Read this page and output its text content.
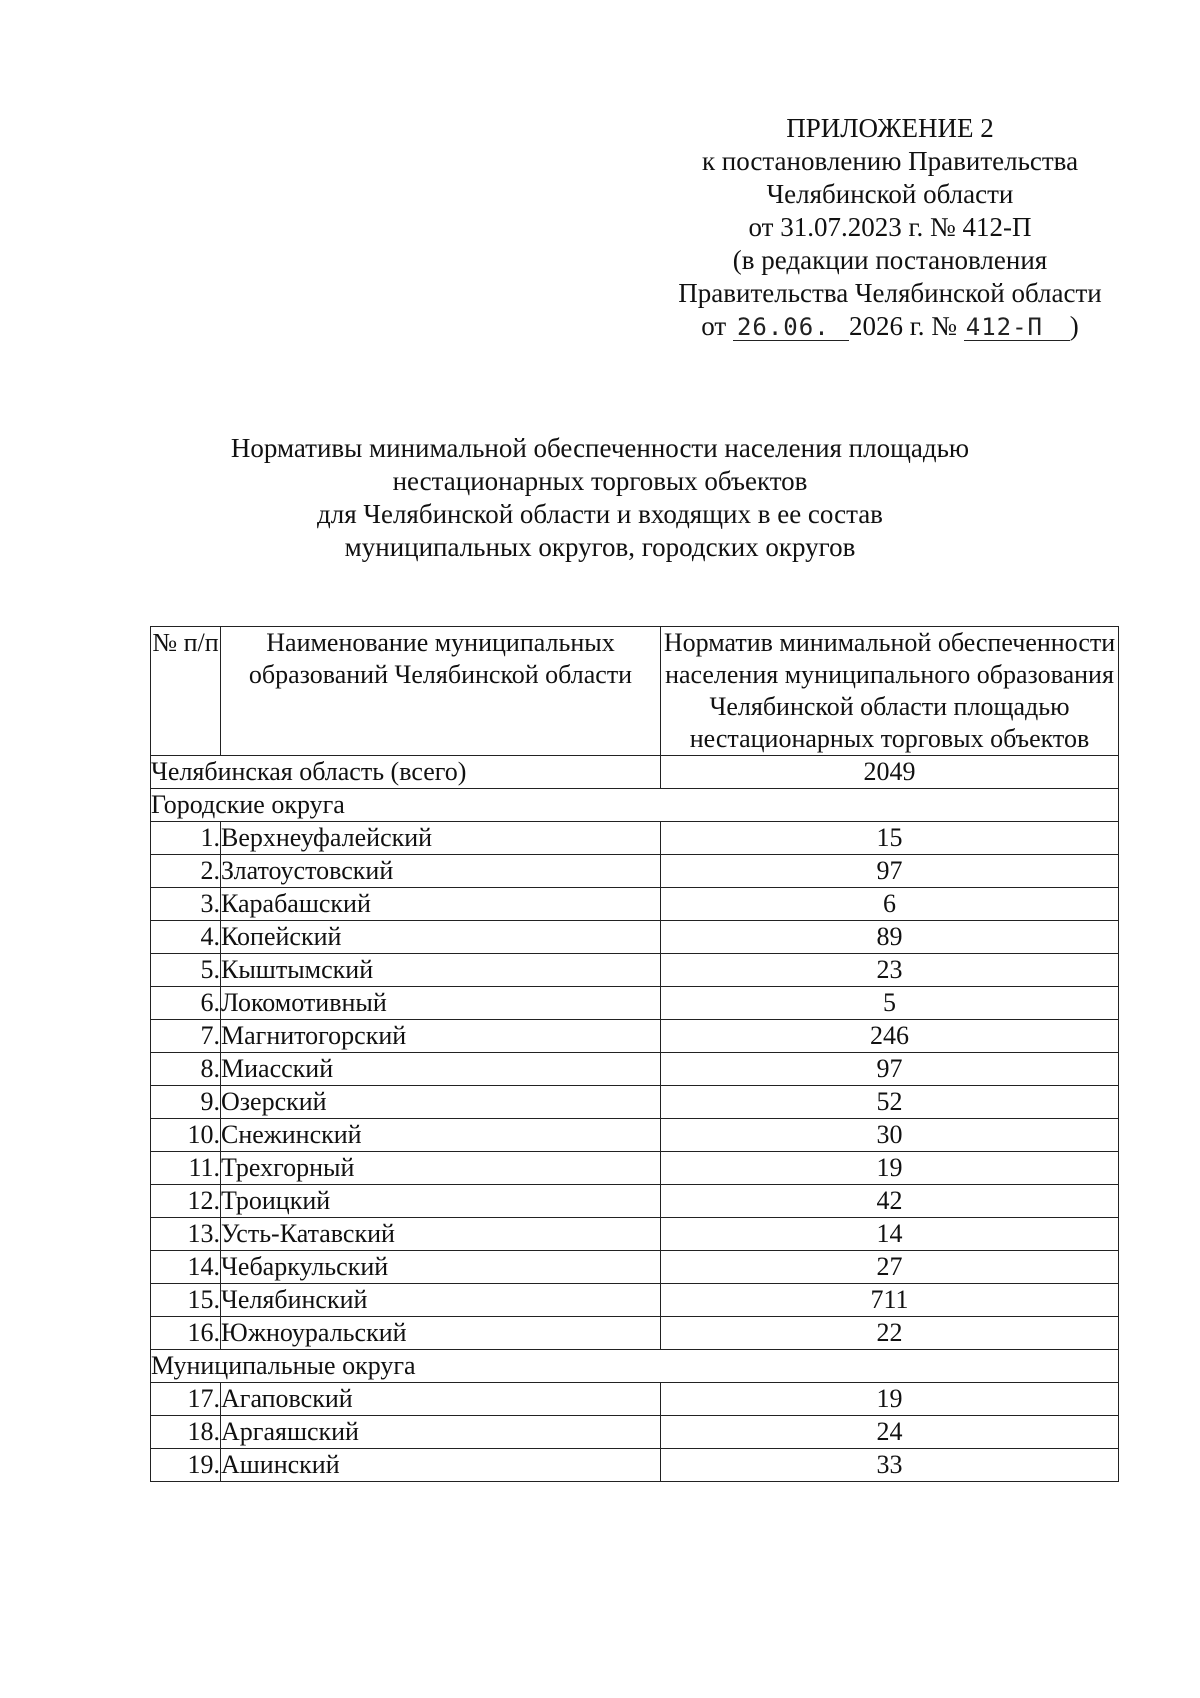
ПРИЛОЖЕНИЕ 2
к постановлению Правительства
Челябинской области
от 31.07.2023 г. № 412-П
(в редакции постановления
Правительства Челябинской области
от 26.06. 2026 г. № 412-П )
Нормативы минимальной обеспеченности населения площадью
нестационарных торговых объектов
для Челябинской области и входящих в ее состав
муниципальных округов, городских округов
№ п/п	Наименование муниципальных образований Челябинской области	Норматив минимальной обеспеченности населения муниципального образования Челябинской области площадью нестационарных торговых объектов
Челябинская область (всего)		2049
Городские округа		
1.	Верхнеуфалейский	15
2.	Златоустовский	97
3.	Карабашский	6
4.	Копейский	89
5.	Кыштымский	23
6.	Локомотивный	5
7.	Магнитогорский	246
8.	Миасский	97
9.	Озерский	52
10.	Снежинский	30
11.	Трехгорный	19
12.	Троицкий	42
13.	Усть-Катавский	14
14.	Чебаркульский	27
15.	Челябинский	711
16.	Южноуральский	22
Муниципальные округа		
17.	Агаповский	19
18.	Аргаяшский	24
19.	Ашинский	33
